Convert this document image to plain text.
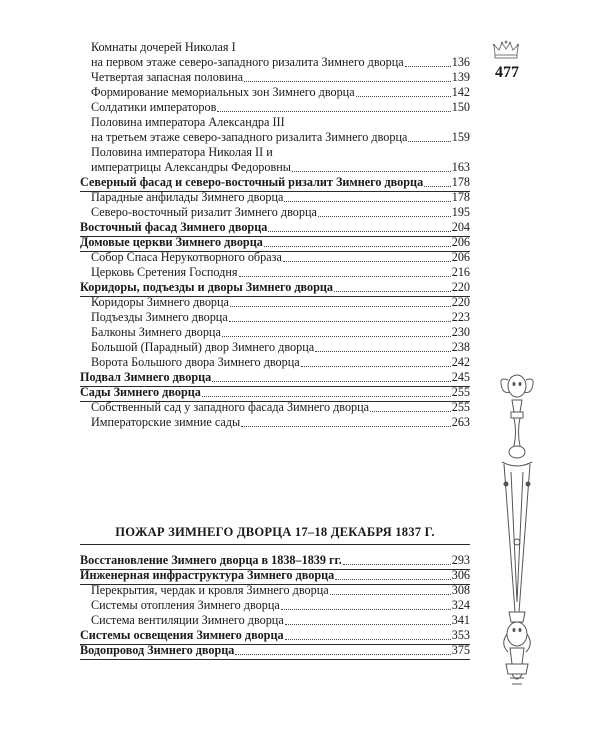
Комнаты дочерей Николая I
на первом этаже северо-западного ризалита Зимнего дворца	136
Четвертая запасная половина	139
Формирование мемориальных зон Зимнего дворца	142
Солдатики императоров	150
Половина императора Александра III
на третьем этаже северо-западного ризалита Зимнего дворца	159
Половина императора Николая II и
императрицы Александры Федоровны	163
Северный фасад и северо-восточный ризалит Зимнего дворца 178
Парадные анфилады Зимнего дворца	178
Северо-восточный ризалит Зимнего дворца	195
Восточный фасад Зимнего дворца	204
Домовые церкви Зимнего дворца	206
Собор Спаса Нерукотворного образа	206
Церковь Сретения Господня	216
Коридоры, подъезды и дворы Зимнего дворца	220
Коридоры Зимнего дворца	220
Подъезды Зимнего дворца	223
Балконы Зимнего дворца	230
Большой (Парадный) двор Зимнего дворца	238
Ворота Большого двора Зимнего дворца	242
Подвал Зимнего дворца	245
Сады Зимнего дворца	255
Собственный сад у западного фасада Зимнего дворца	255
Императорские зимние сады	263
ПОЖАР ЗИМНЕГО ДВОРЦА 17–18 ДЕКАБРЯ 1837 Г.
Восстановление Зимнего дворца в 1838–1839 гг.	293
Инженерная инфраструктура Зимнего дворца	306
Перекрытия, чердак и кровля Зимнего дворца	308
Системы отопления Зимнего дворца	324
Система вентиляции Зимнего дворца	341
Системы освещения Зимнего дворца	353
Водопровод Зимнего дворца	375
477
